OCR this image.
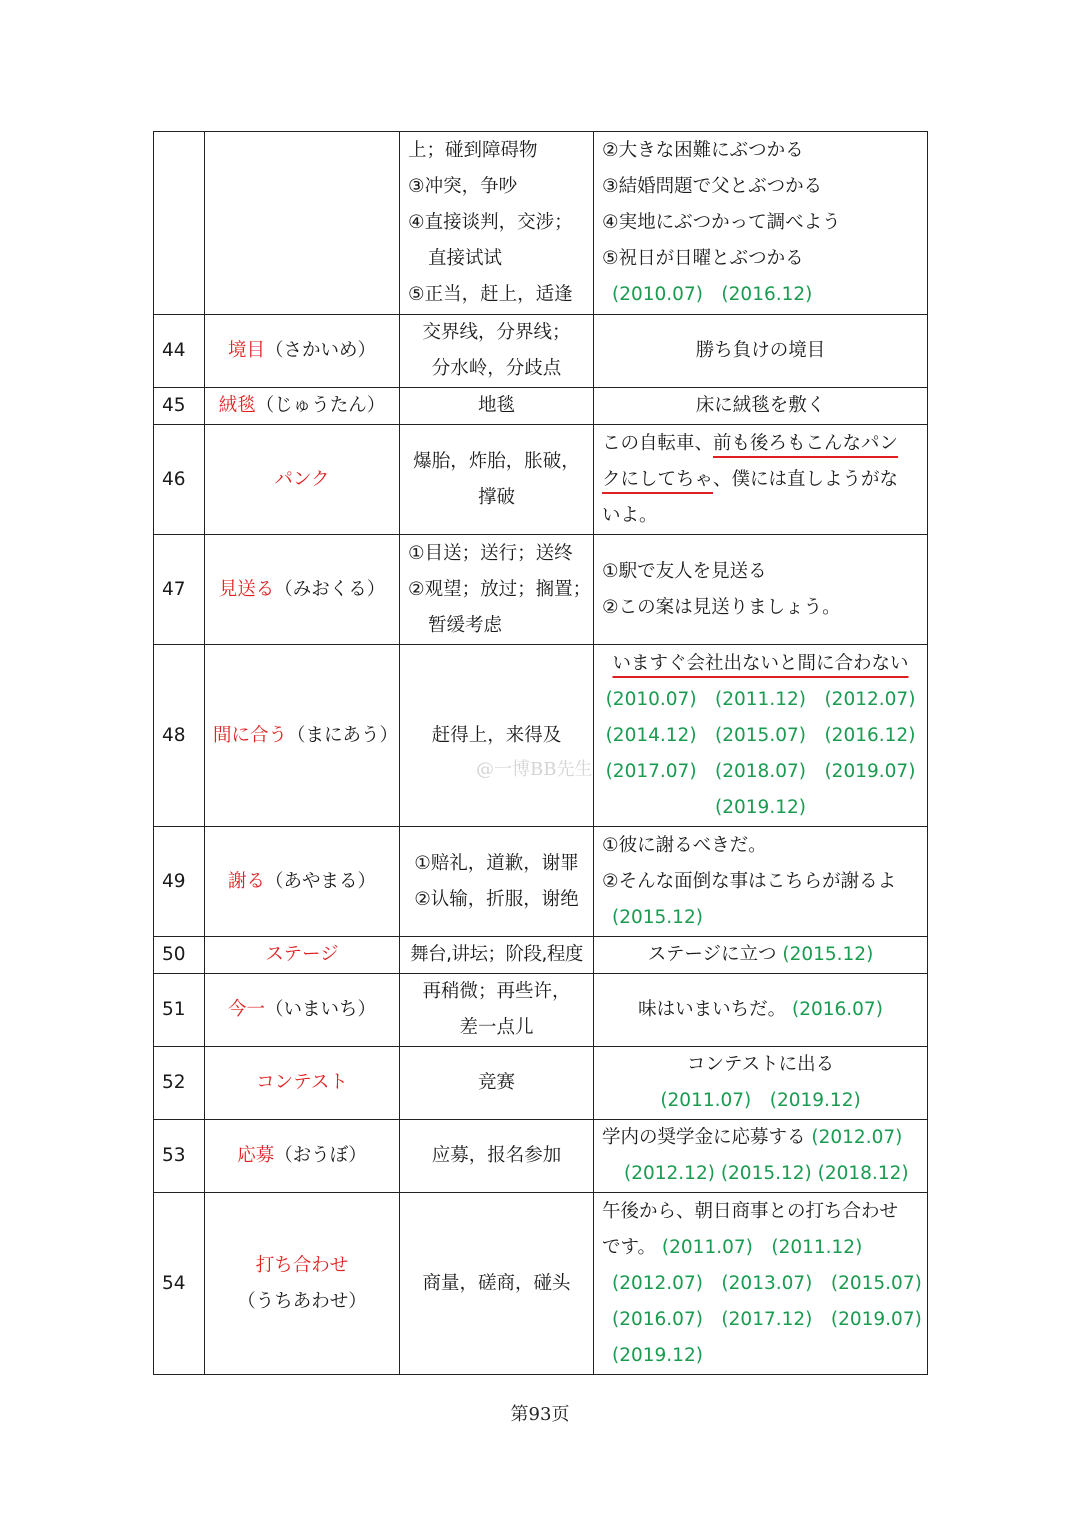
		上；碰到障碍物
③冲突，争吵
④直接谈判，交涉；
直接试试
⑤正当，赶上，适逢	②大きな困難にぶつかる
③結婚問題で父とぶつかる
④実地にぶつかって調べよう
⑤祝日が日曜とぶつかる
(2010.07)　(2016.12)

44	境目（さかいめ）	交界线，分界线；
分水岭，分歧点	勝ち負けの境目
45	絨毯（じゅうたん）	地毯	床に絨毯を敷く
46	パンク	爆胎，炸胎，胀破，
撑破	この自転車、前も後ろもこんなパン
クにしてちゃ、僕には直しようがな
いよ。

47	見送る（みおくる）	①目送；送行；送终
②观望；放过；搁置；
暂缓考虑	①駅で友人を見送る
②この案は見送りましょう。

48	間に合う（まにあう）	赶得上，来得及	いますぐ会社出ないと間に合わない
(2010.07)　(2011.12)　(2012.07)
(2014.12)　(2015.07)　(2016.12)
(2017.07)　(2018.07)　(2019.07)
(2019.12)

49	謝る（あやまる）	①赔礼，道歉，谢罪
②认输，折服，谢绝	①彼に謝るべきだ。
②そんな面倒な事はこちらが謝るよ
(2015.12)

50	ステージ	舞台,讲坛；阶段,程度	ステージに立つ (2015.12)
51	今一（いまいち）	再稍微；再些许，
差一点儿	味はいまいちだ。 (2016.07)
52	コンテスト	竞赛	コンテストに出る
(2011.07)　(2019.12)

53	応募（おうぼ）	应募，报名参加	学内の奨学金に応募する (2012.07)
(2012.12) (2015.12) (2018.12)

54	打ち合わせ
（うちあわせ）	商量，磋商，碰头	午後から、朝日商事との打ち合わせ
です。 (2011.07)　(2011.12)
(2012.07)　(2013.07)　(2015.07)
(2016.07)　(2017.12)　(2019.07)
(2019.12)
@一博BB先生
第93页
